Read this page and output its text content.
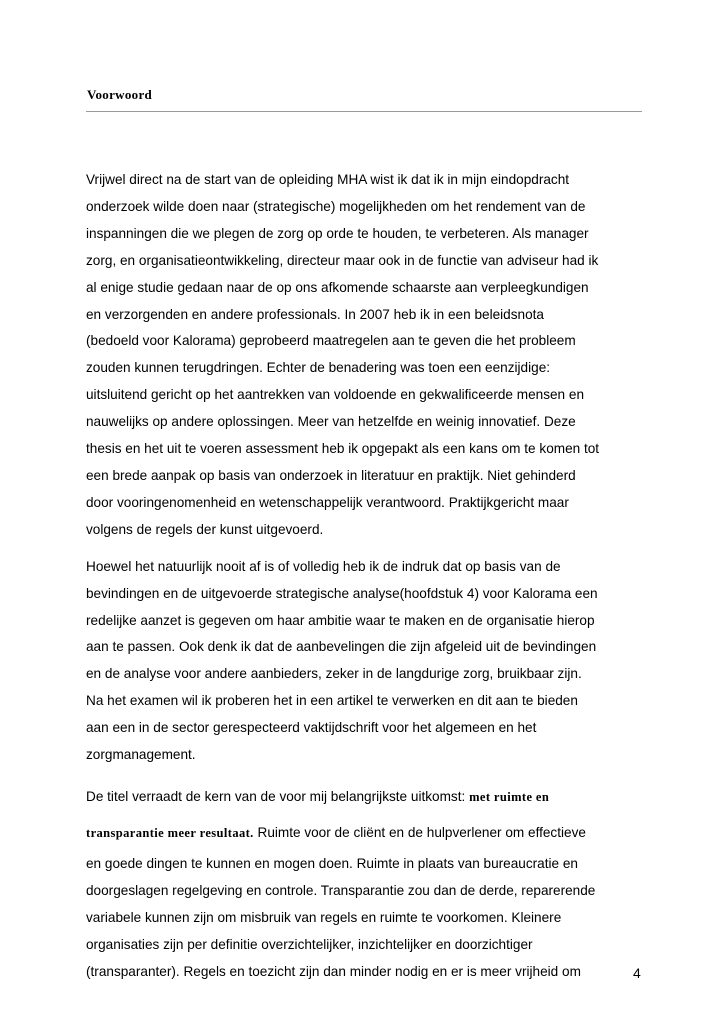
Voorwoord
Vrijwel direct na de start van de opleiding MHA wist ik dat ik in mijn eindopdracht
onderzoek wilde doen naar (strategische) mogelijkheden om het rendement van de
inspanningen die we plegen de zorg op orde te houden, te verbeteren. Als manager
zorg, en organisatieontwikkeling, directeur maar ook in de functie van adviseur had ik
al enige studie gedaan naar de op ons afkomende schaarste aan verpleegkundigen
en verzorgenden en andere professionals. In 2007 heb ik in een beleidsnota
(bedoeld voor Kalorama) geprobeerd maatregelen aan te geven die het probleem
zouden kunnen terugdringen. Echter de benadering was toen een eenzijdige:
uitsluitend gericht op het aantrekken van voldoende en gekwalificeerde mensen en
nauwelijks op andere oplossingen. Meer van hetzelfde en weinig innovatief. Deze
thesis en het uit te voeren assessment heb ik opgepakt als een kans om te komen tot
een brede aanpak op basis van onderzoek in literatuur en praktijk. Niet gehinderd
door vooringenomenheid en wetenschappelijk verantwoord. Praktijkgericht maar
volgens de regels der kunst uitgevoerd.
Hoewel het natuurlijk nooit af is of volledig heb ik de indruk dat op basis van de
bevindingen en de uitgevoerde strategische analyse(hoofdstuk 4) voor Kalorama een
redelijke aanzet is gegeven om haar ambitie waar te maken en de organisatie hierop
aan te passen. Ook denk ik dat de aanbevelingen die zijn afgeleid uit de bevindingen
en de analyse voor andere aanbieders, zeker in de langdurige zorg, bruikbaar zijn.
Na het examen wil ik proberen het in een artikel te verwerken en dit aan te bieden
aan een in de sector gerespecteerd vaktijdschrift voor het algemeen en het
zorgmanagement.
De titel verraadt de kern van de voor mij belangrijkste uitkomst: met ruimte en
transparantie meer resultaat. Ruimte voor de cliënt en de hulpverlener om effectieve
en goede dingen te kunnen en mogen doen. Ruimte in plaats van bureaucratie en
doorgeslagen regelgeving en controle. Transparantie zou dan de derde, reparerende
variabele kunnen zijn om misbruik van regels en ruimte te voorkomen. Kleinere
organisaties zijn per definitie overzichtelijker, inzichtelijker en doorzichtiger
(transparanter). Regels en toezicht zijn dan minder nodig en er is meer vrijheid om	4
